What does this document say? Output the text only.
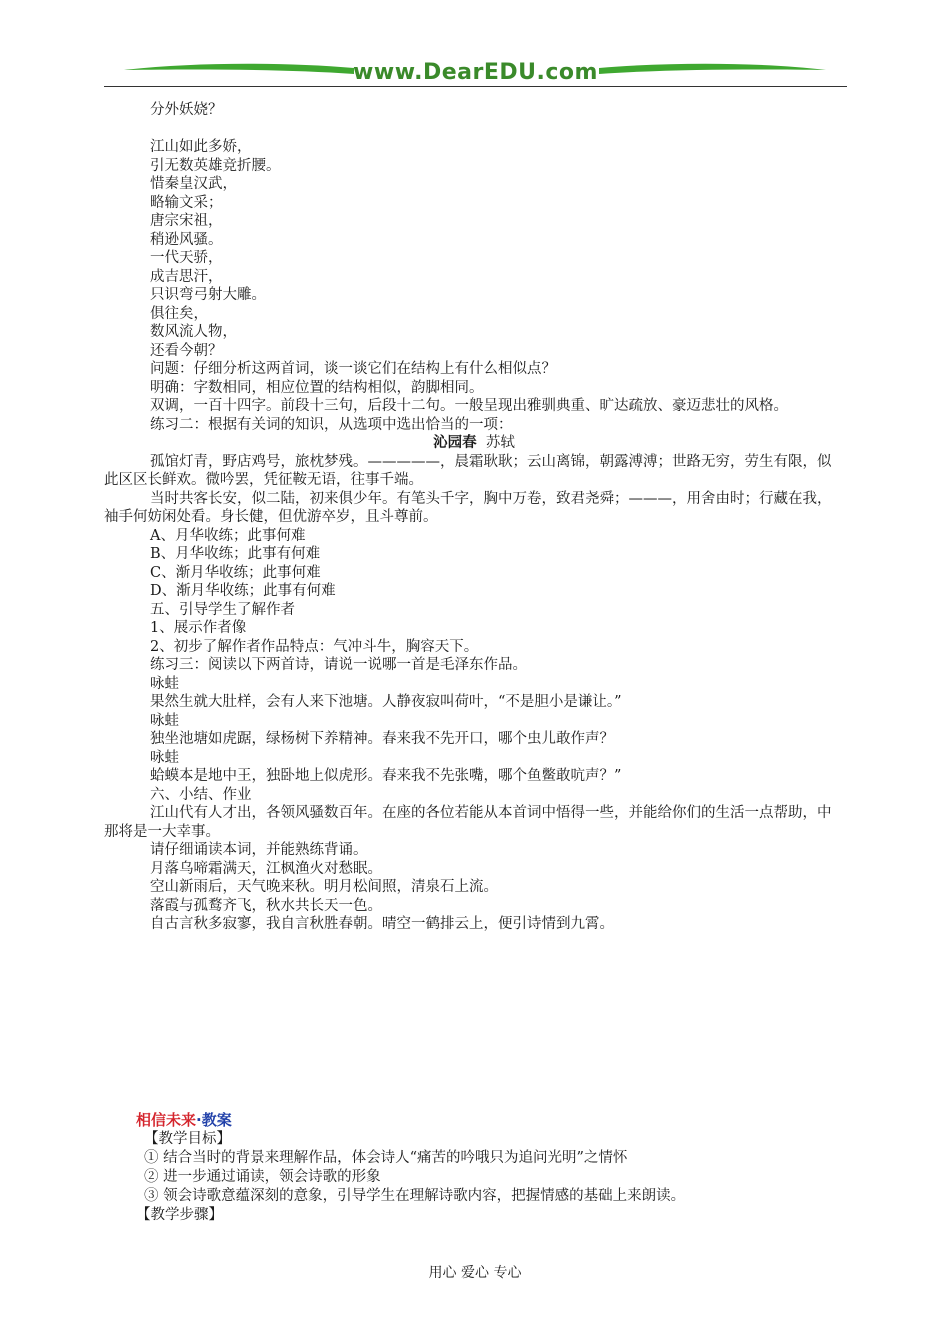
www.DearEDU.com
分外妖娆？
江山如此多娇，
引无数英雄竞折腰。
惜秦皇汉武，
略输文采；
唐宗宋祖，
稍逊风骚。
一代天骄，
成吉思汗，
只识弯弓射大雕。
俱往矣，
数风流人物，
还看今朝？
问题：仔细分析这两首词，谈一谈它们在结构上有什么相似点？
明确：字数相同，相应位置的结构相似，韵脚相同。
双调，一百十四字。前段十三句，后段十二句。一般呈现出雅驯典重、旷达疏放、豪迈悲壮的风格。
练习二：根据有关词的知识，从选项中选出恰当的一项：
沁园春 苏轼
孤馆灯青，野店鸡号，旅枕梦残。—————，晨霜耿耿；云山离锦，朝露溥溥；世路无穷，劳生有限，似此区区长鲜欢。微吟罢，凭征鞍无语，往事千端。
当时共客长安，似二陆，初来俱少年。有笔头千字，胸中万卷，致君尧舜；———，用舍由时；行藏在我，袖手何妨闲处看。身长健，但优游卒岁，且斗尊前。
A、月华收练；此事何难
B、月华收练；此事有何难
C、渐月华收练；此事何难
D、渐月华收练；此事有何难
五、引导学生了解作者
1、展示作者像
2、初步了解作者作品特点：气冲斗牛，胸容天下。
练习三：阅读以下两首诗，请说一说哪一首是毛泽东作品。
咏蛙
果然生就大肚样，会有人来下池塘。人静夜寂叫荷叶，“不是胆小是谦让。”
咏蛙
独坐池塘如虎踞，绿杨树下养精神。春来我不先开口，哪个虫儿敢作声？
咏蛙
蛤蟆本是地中王，独卧地上似虎形。春来我不先张嘴，哪个鱼鳖敢吭声？”
六、小结、作业
江山代有人才出，各领风骚数百年。在座的各位若能从本首词中悟得一些，并能给你们的生活一点帮助，中那将是一大幸事。
请仔细诵读本词，并能熟练背诵。
月落乌啼霜满天，江枫渔火对愁眠。
空山新雨后，天气晚来秋。明月松间照，清泉石上流。
落霞与孤鹜齐飞，秋水共长天一色。
自古言秋多寂寥，我自言秋胜春朝。晴空一鹤排云上，便引诗情到九霄。
相信未来·教案
【教学目标】
① 结合当时的背景来理解作品，体会诗人“痛苦的吟哦只为追问光明”之情怀
② 进一步通过诵读，领会诗歌的形象
③ 领会诗歌意蕴深刻的意象，引导学生在理解诗歌内容，把握情感的基础上来朗读。
【教学步骤】
用心 爱心 专心
